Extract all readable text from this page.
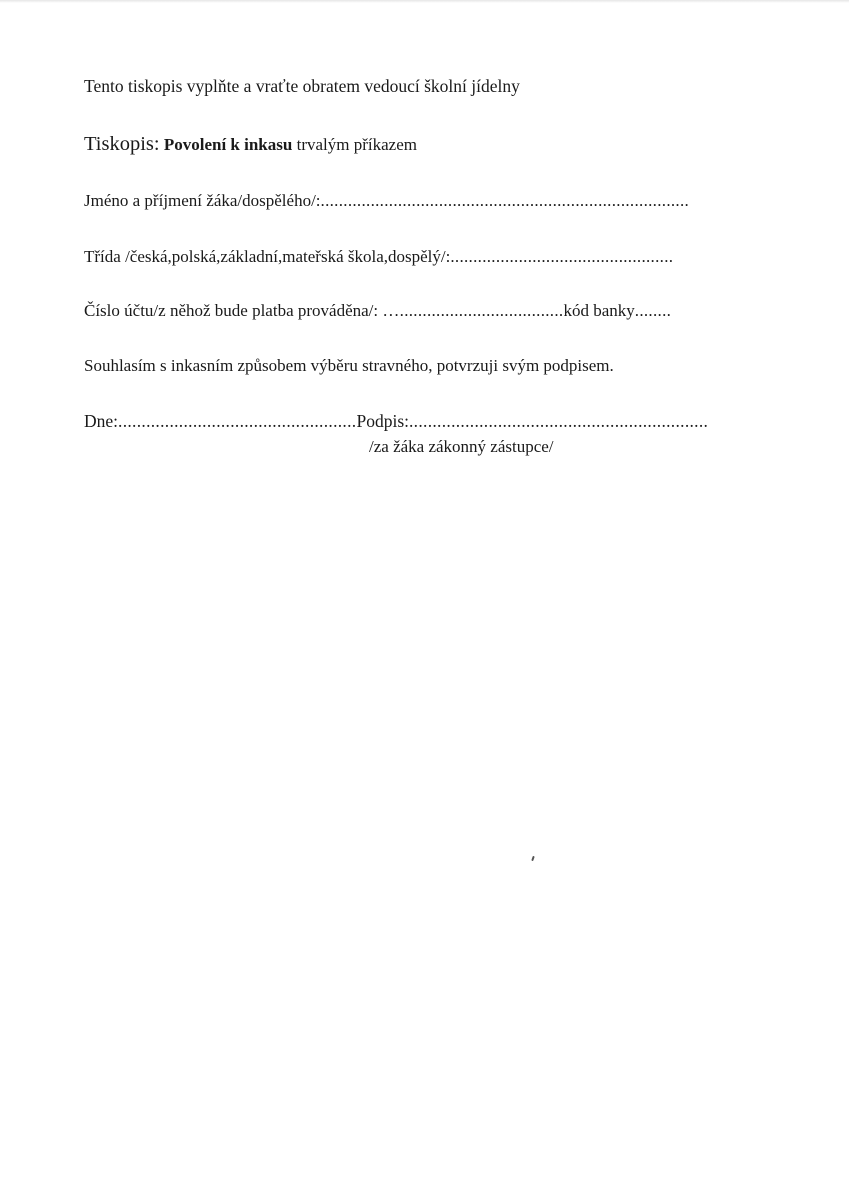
Tento tiskopis vyplňte a vraťte obratem vedoucí školní jídelny
Tiskopis: Povolení k inkasu trvalým příkazem
Jméno a příjmení žáka/dospělého/:.................................................................................
Třída /česká,polská,základní,mateřská škola,dospělý/:.................................................
Číslo účtu/z něhož bude platba prováděna/: …....................................kód banky........
Souhlasím s inkasním způsobem výběru stravného, potvrzuji svým podpisem.
Dne:...................................................Podpis:................................................................
/za žáka zákonný zástupce/
